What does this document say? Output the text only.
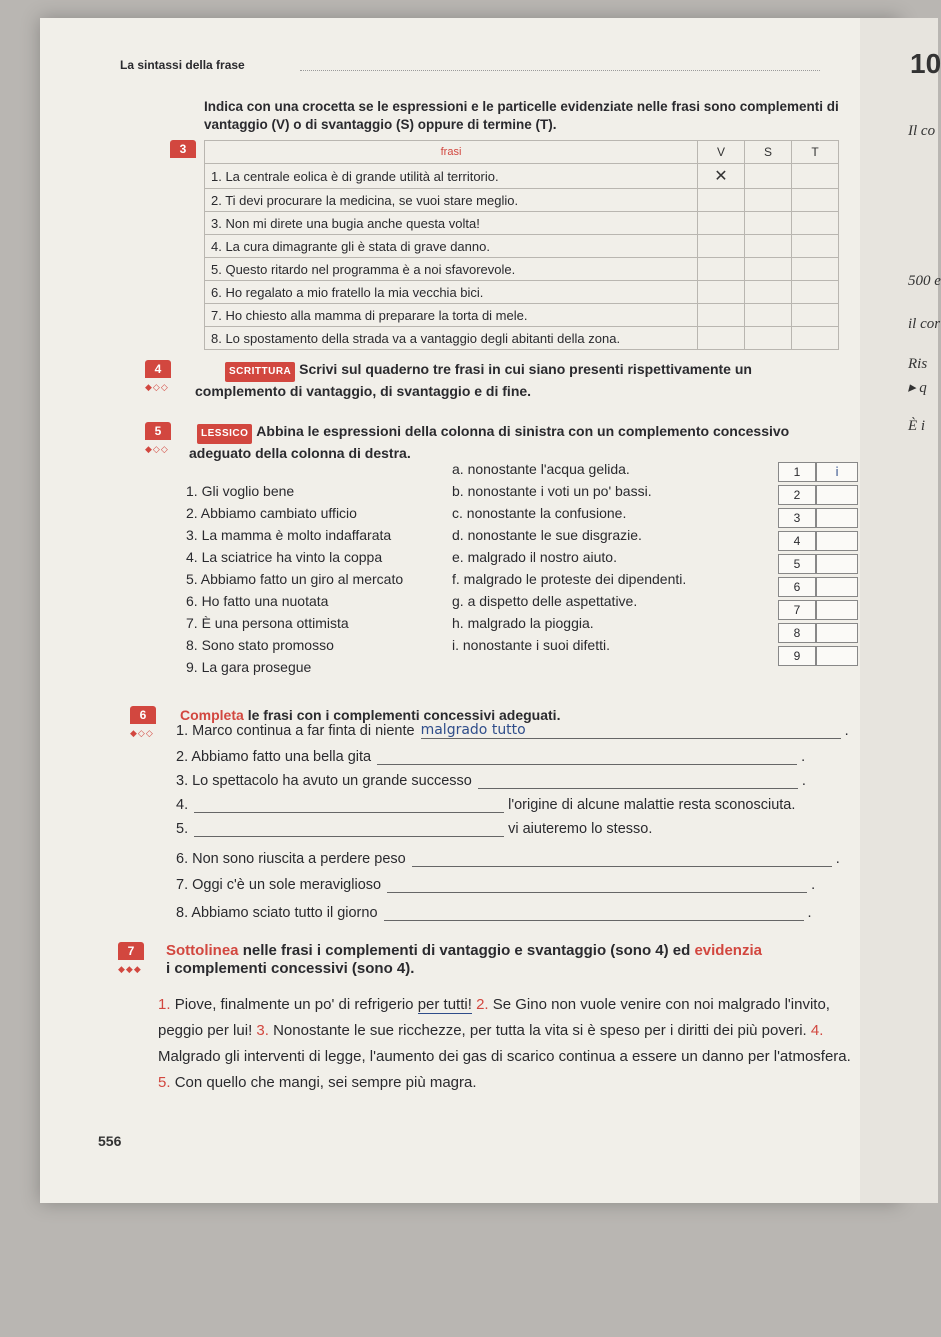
10
Il co
500 e
il cor
Ris
▸ q
È i
La sintassi della frase
3
Indica con una crocetta se le espressioni e le particelle evidenziate nelle frasi sono complementi di vantaggio (V) o di svantaggio (S) oppure di termine (T).
frasi	V	S	T
1. La centrale eolica è di grande utilità al territorio.	✕		
2. Ti devi procurare la medicina, se vuoi stare meglio.			
3. Non mi direte una bugia anche questa volta!			
4. La cura dimagrante gli è stata di grave danno.			
5. Questo ritardo nel programma è a noi sfavorevole.			
6. Ho regalato a mio fratello la mia vecchia bici.			
7. Ho chiesto alla mamma di preparare la torta di mele.			
8. Lo spostamento della strada va a vantaggio degli abitanti della zona.			
4
◆◇◇
SCRITTURA Scrivi sul quaderno tre frasi in cui siano presenti rispettivamente un
complemento di vantaggio, di svantaggio e di fine.
5
◆◇◇
LESSICO Abbina le espressioni della colonna di sinistra con un complemento concessivo
adeguato della colonna di destra.
1. Gli voglio bene
2. Abbiamo cambiato ufficio
3. La mamma è molto indaffarata
4. La sciatrice ha vinto la coppa
5. Abbiamo fatto un giro al mercato
6. Ho fatto una nuotata
7. È una persona ottimista
8. Sono stato promosso
9. La gara prosegue
a. nonostante l'acqua gelida.
b. nonostante i voti un po' bassi.
c. nonostante la confusione.
d. nonostante le sue disgrazie.
e. malgrado il nostro aiuto.
f. malgrado le proteste dei dipendenti.
g. a dispetto delle aspettative.
h. malgrado la pioggia.
i. nonostante i suoi difetti.
1	i
2
3
4
5
6
7
8
9
6
◆◇◇
Completa le frasi con i complementi concessivi adeguati.
1. Marco continua a far finta di niente malgrado tutto	.
2. Abbiamo fatto una bella gita	.
3. Lo spettacolo ha avuto un grande successo	.
4.	l'origine di alcune malattie resta sconosciuta.
5.	vi aiuteremo lo stesso.
6. Non sono riuscita a perdere peso	.
7. Oggi c'è un sole meraviglioso	.
8. Abbiamo sciato tutto il giorno	.
7
◆◆◆
Sottolinea nelle frasi i complementi di vantaggio e svantaggio (sono 4) ed evidenzia
i complementi concessivi (sono 4).
1. Piove, finalmente un po' di refrigerio per tutti! 2. Se Gino non vuole venire con noi malgrado l'invito, peggio per lui! 3. Nonostante le sue ricchezze, per tutta la vita si è speso per i diritti dei più poveri. 4. Malgrado gli interventi di legge, l'aumento dei gas di scarico continua a essere un danno per l'atmosfera. 5. Con quello che mangi, sei sempre più magra.
556
